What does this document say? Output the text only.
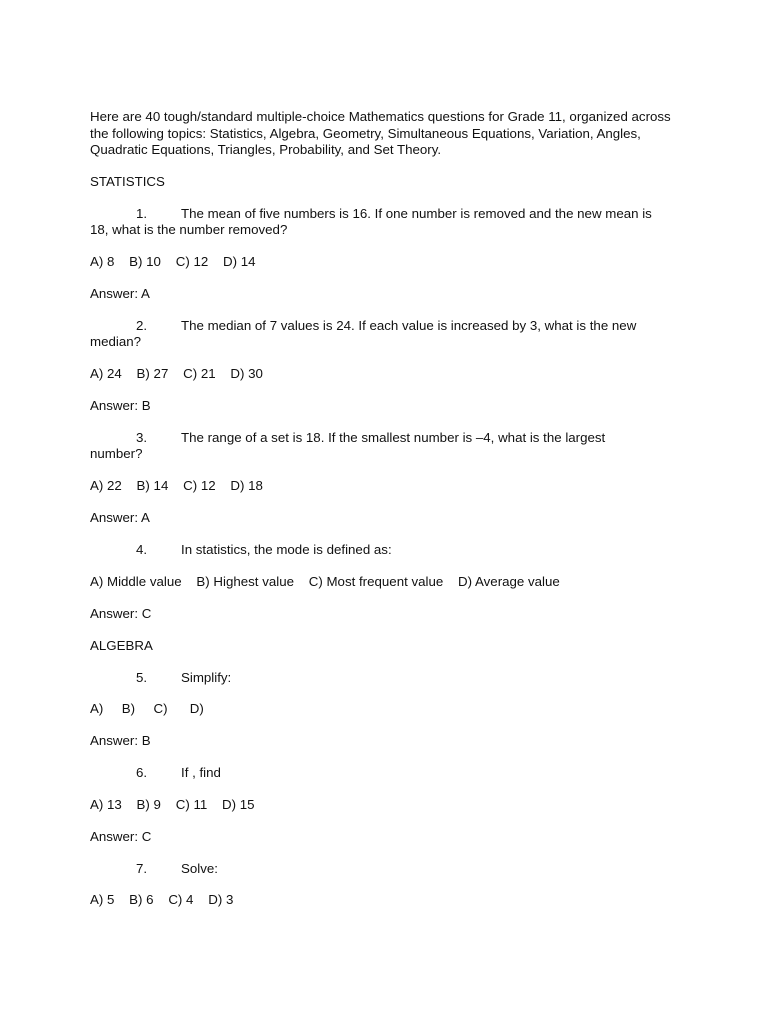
Here are 40 tough/standard multiple-choice Mathematics questions for Grade 11, organized across the following topics: Statistics, Algebra, Geometry, Simultaneous Equations, Variation, Angles, Quadratic Equations, Triangles, Probability, and Set Theory.
STATISTICS
1.	The mean of five numbers is 16. If one number is removed and the new mean is
18, what is the number removed?
A) 8    B) 10    C) 12    D) 14
Answer: A
2.	The median of 7 values is 24. If each value is increased by 3, what is the new
median?
A) 24    B) 27    C) 21    D) 30
Answer: B
3.	The range of a set is 18. If the smallest number is –4, what is the largest
number?
A) 22    B) 14    C) 12    D) 18
Answer: A
4.	In statistics, the mode is defined as:
A) Middle value    B) Highest value    C) Most frequent value    D) Average value
Answer: C
ALGEBRA
5.	Simplify:
A)     B)     C)      D)
Answer: B
6.	If , find
A) 13    B) 9    C) 11    D) 15
Answer: C
7.	Solve:
A) 5    B) 6    C) 4    D) 3
